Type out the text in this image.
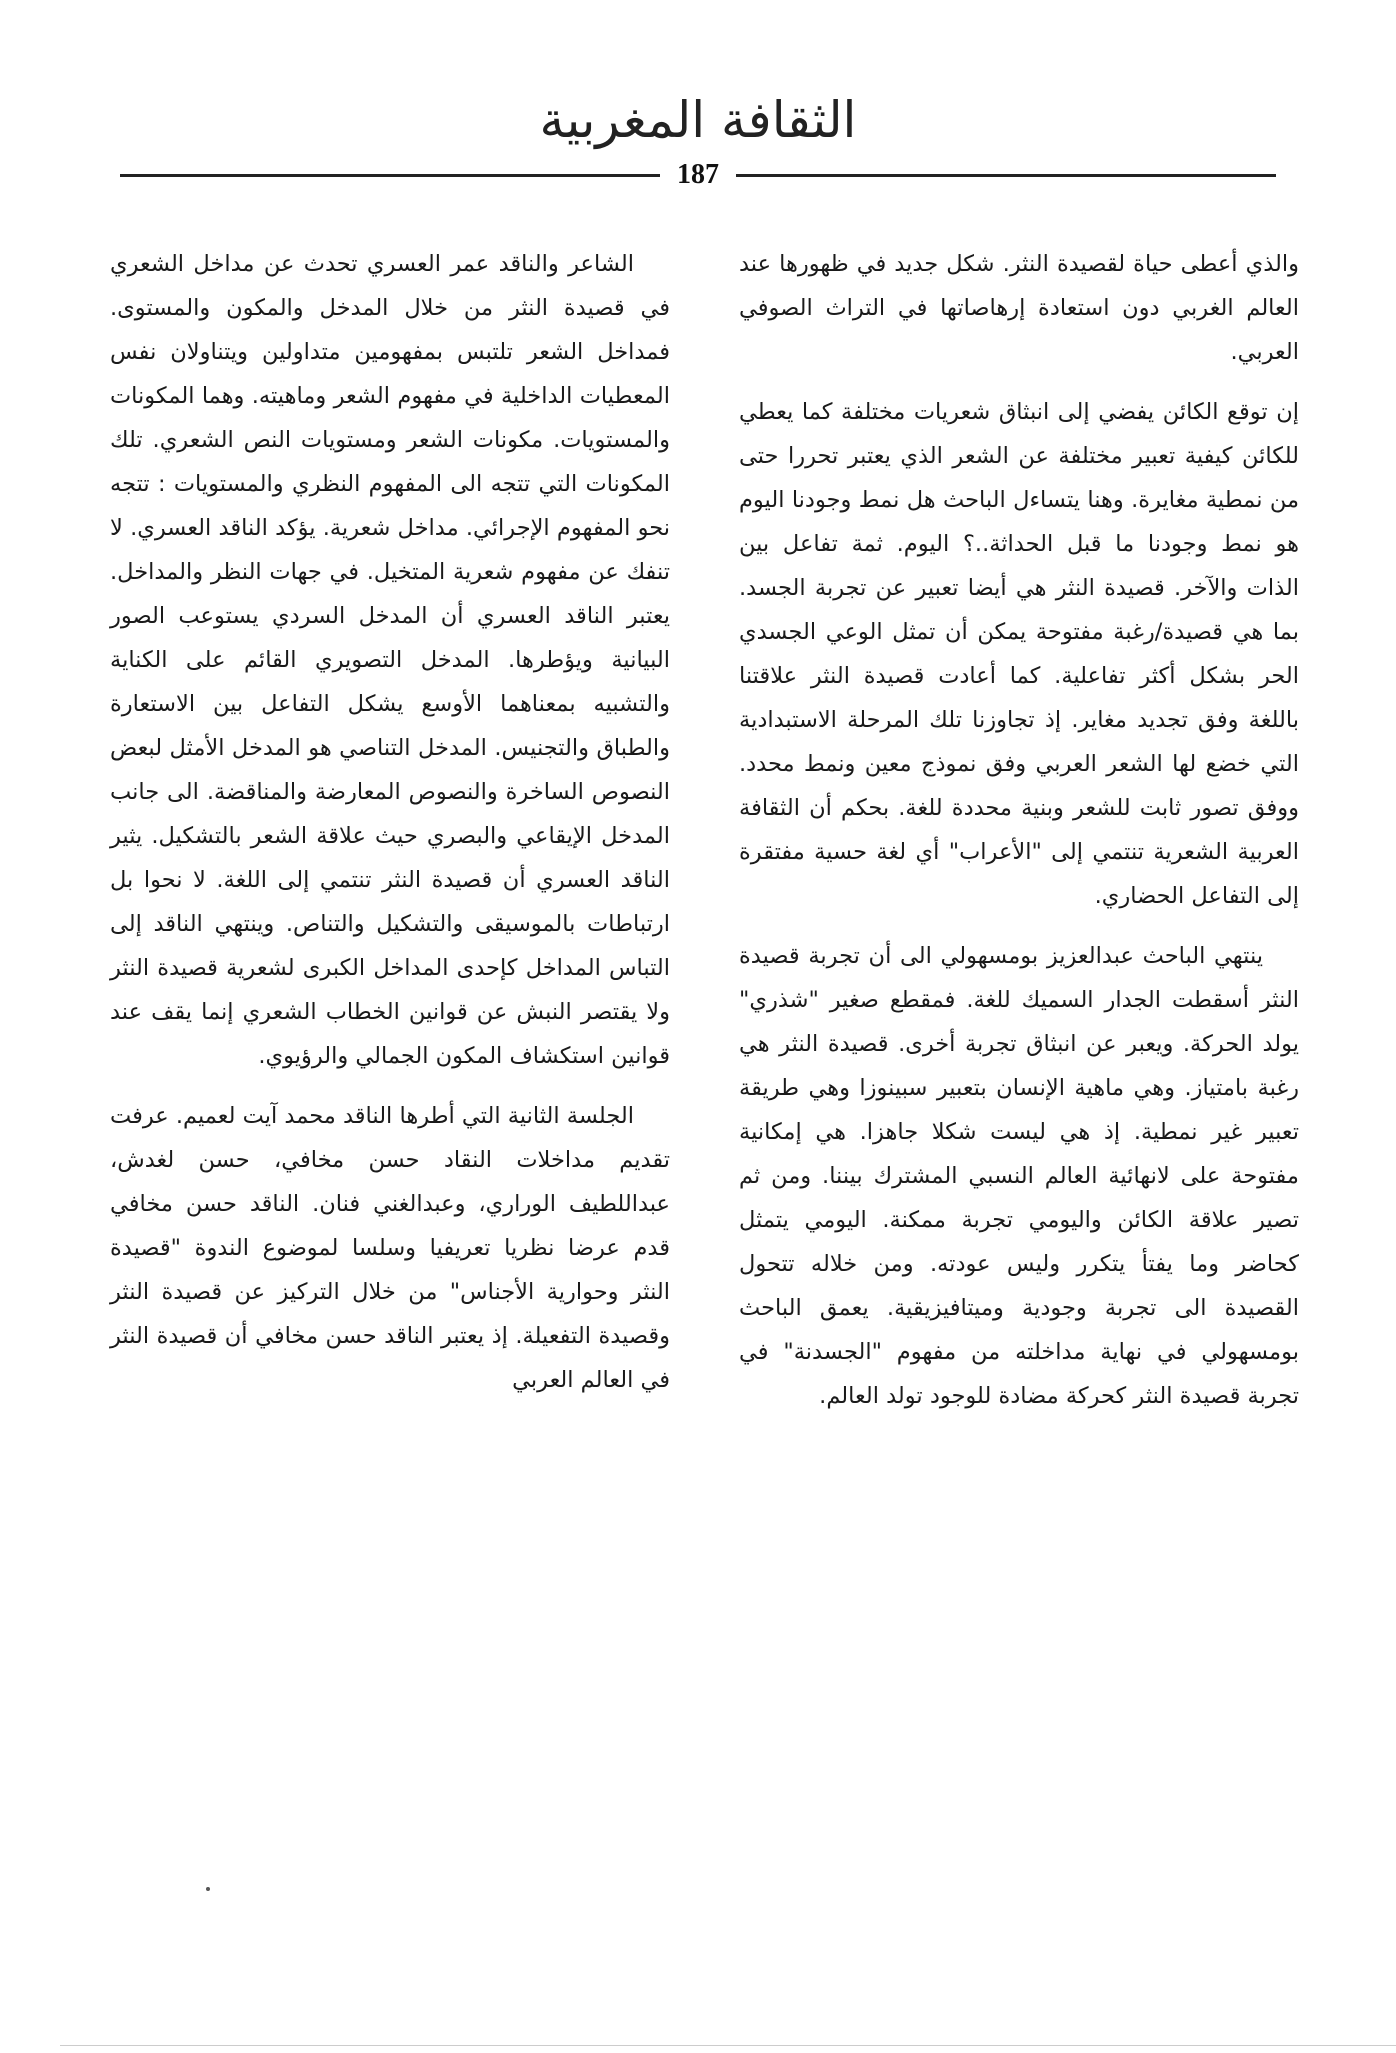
الثقافة المغربية
187

والذي أعطى حياة لقصيدة النثر. شكل جديد في ظهورها عند العالم الغربي دون استعادة إرهاصاتها في التراث الصوفي العربي.

إن توقع الكائن يفضي إلى انبثاق شعريات مختلفة كما يعطي للكائن كيفية تعبير مختلفة عن الشعر الذي يعتبر تحررا حتى من نمطية مغايرة. وهنا يتساءل الباحث هل نمط وجودنا اليوم هو نمط وجودنا ما قبل الحداثة..؟ اليوم. ثمة تفاعل بين الذات والآخر. قصيدة النثر هي أيضا تعبير عن تجربة الجسد. بما هي قصيدة/رغبة مفتوحة يمكن أن تمثل الوعي الجسدي الحر بشكل أكثر تفاعلية. كما أعادت قصيدة النثر علاقتنا باللغة وفق تجديد مغاير. إذ تجاوزنا تلك المرحلة الاستبدادية التي خضع لها الشعر العربي وفق نموذج معين ونمط محدد. ووفق تصور ثابت للشعر وبنية محددة للغة. بحكم أن الثقافة العربية الشعرية تنتمي إلى "الأعراب" أي لغة حسية مفتقرة إلى التفاعل الحضاري.

ينتهي الباحث عبدالعزيز بومسهولي الى أن تجربة قصيدة النثر أسقطت الجدار السميك للغة. فمقطع صغير "شذري" يولد الحركة. ويعبر عن انبثاق تجربة أخرى. قصيدة النثر هي رغبة بامتياز. وهي ماهية الإنسان بتعبير سبينوزا وهي طريقة تعبير غير نمطية. إذ هي ليست شكلا جاهزا. هي إمكانية مفتوحة على لانهائية العالم النسبي المشترك بيننا. ومن ثم تصير علاقة الكائن واليومي تجربة ممكنة. اليومي يتمثل كحاضر وما يفتأ يتكرر وليس عودته. ومن خلاله تتحول القصيدة الى تجربة وجودية وميتافيزيقية. يعمق الباحث بومسهولي في نهاية مداخلته من مفهوم "الجسدنة" في تجربة قصيدة النثر كحركة مضادة للوجود تولد العالم.

الشاعر والناقد عمر العسري تحدث عن مداخل الشعري في قصيدة النثر من خلال المدخل والمكون والمستوى. فمداخل الشعر تلتبس بمفهومين متداولين ويتناولان نفس المعطيات الداخلية في مفهوم الشعر وماهيته. وهما المكونات والمستويات. مكونات الشعر ومستويات النص الشعري. تلك المكونات التي تتجه الى المفهوم النظري والمستويات : تتجه نحو المفهوم الإجرائي. مداخل شعرية. يؤكد الناقد العسري. لا تنفك عن مفهوم شعرية المتخيل. في جهات النظر والمداخل. يعتبر الناقد العسري أن المدخل السردي يستوعب الصور البيانية ويؤطرها. المدخل التصويري القائم على الكناية والتشبيه بمعناهما الأوسع يشكل التفاعل بين الاستعارة والطباق والتجنيس. المدخل التناصي هو المدخل الأمثل لبعض النصوص الساخرة والنصوص المعارضة والمناقضة. الى جانب المدخل الإيقاعي والبصري حيث علاقة الشعر بالتشكيل. يثير الناقد العسري أن قصيدة النثر تنتمي إلى اللغة. لا نحوا بل ارتباطات بالموسيقى والتشكيل والتناص. وينتهي الناقد إلى التباس المداخل كإحدى المداخل الكبرى لشعرية قصيدة النثر ولا يقتصر النبش عن قوانين الخطاب الشعري إنما يقف عند قوانين استكشاف المكون الجمالي والرؤيوي.

الجلسة الثانية التي أطرها الناقد محمد آيت لعميم. عرفت تقديم مداخلات النقاد حسن مخافي، حسن لغدش، عبداللطيف الوراري، وعبدالغني فنان. الناقد حسن مخافي قدم عرضا نظريا تعريفيا وسلسا لموضوع الندوة "قصيدة النثر وحوارية الأجناس" من خلال التركيز عن قصيدة النثر وقصيدة التفعيلة. إذ يعتبر الناقد حسن مخافي أن قصيدة النثر في العالم العربي
